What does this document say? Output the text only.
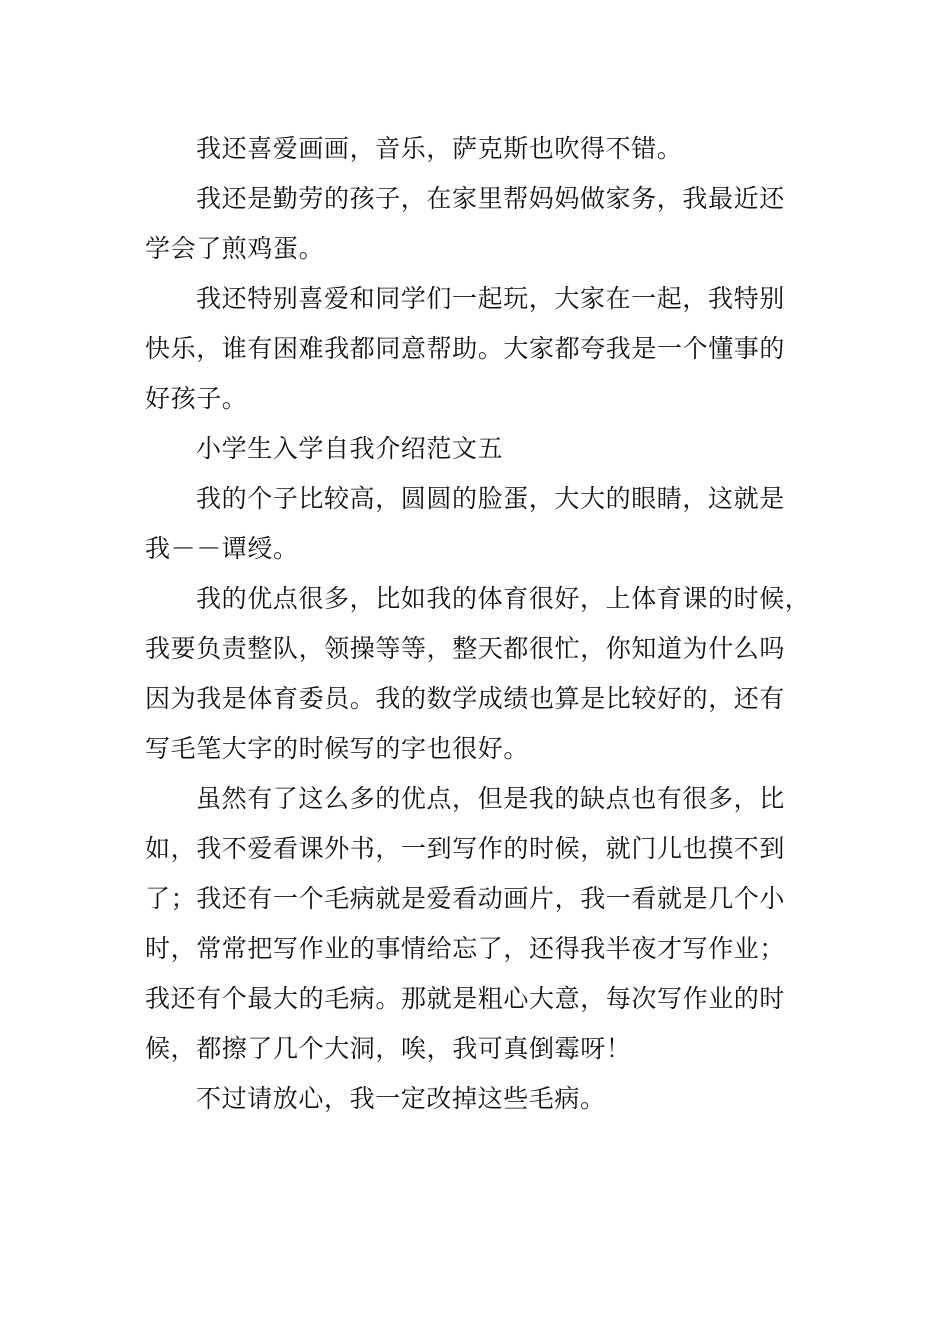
我还喜爱画画，音乐，萨克斯也吹得不错。
我还是勤劳的孩子，在家里帮妈妈做家务，我最近还
学会了煎鸡蛋。
我还特别喜爱和同学们一起玩，大家在一起，我特别
快乐，谁有困难我都同意帮助。大家都夸我是一个懂事的
好孩子。
小学生入学自我介绍范文五
我的个子比较高，圆圆的脸蛋，大大的眼睛，这就是
我－－谭绶。
我的优点很多，比如我的体育很好，上体育课的时候，
我要负责整队，领操等等，整天都很忙，你知道为什么吗
因为我是体育委员。我的数学成绩也算是比较好的，还有
写毛笔大字的时候写的字也很好。
虽然有了这么多的优点，但是我的缺点也有很多，比
如，我不爱看课外书，一到写作的时候，就门儿也摸不到
了；我还有一个毛病就是爱看动画片，我一看就是几个小
时，常常把写作业的事情给忘了，还得我半夜才写作业；
我还有个最大的毛病。那就是粗心大意，每次写作业的时
候，都擦了几个大洞，唉，我可真倒霉呀！
不过请放心，我一定改掉这些毛病。
